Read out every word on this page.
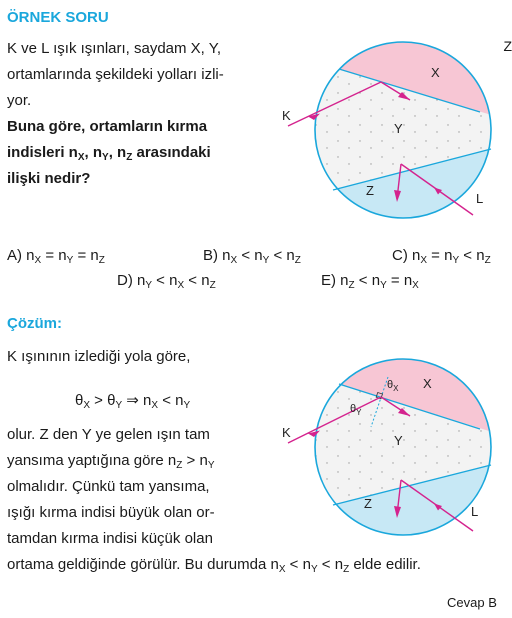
ÖRNEK SORU
K ve L ışık ışınları, saydam X, Y,
ortamlarında şekildeki yolları izli-
yor.
Buna göre, ortamların kırma
indisleri $n_X$, $n_Y$, $n_Z$ arasındaki
ilişki nedir?
Z
X
Y
Z
K
L
A) $n_X = n_Y = n_Z$	B) $n_X < n_Y < n_Z$	C) $n_X = n_Y < n_Z$
D) $n_Y < n_X < n_Z$	E) $n_Z < n_Y = n_X$
Çözüm:
K ışınının izlediği yola göre,
$\theta_X > \theta_Y$ ⇒ $n_X < n_Y$
olur. Z den Y ye gelen ışın tam
yansıma yaptığına göre $n_Z > n_Y$
olmalıdır. Çünkü tam yansıma,
ışığı kırma indisi büyük olan or-
tamdan kırma indisi küçük olan
ortama geldiğinde görülür. Bu durumda $n_X < n_Y < n_Z$ elde edilir.
Cevap B
$\theta_X$
$\theta_Y$
X
Y
Z
K
L
